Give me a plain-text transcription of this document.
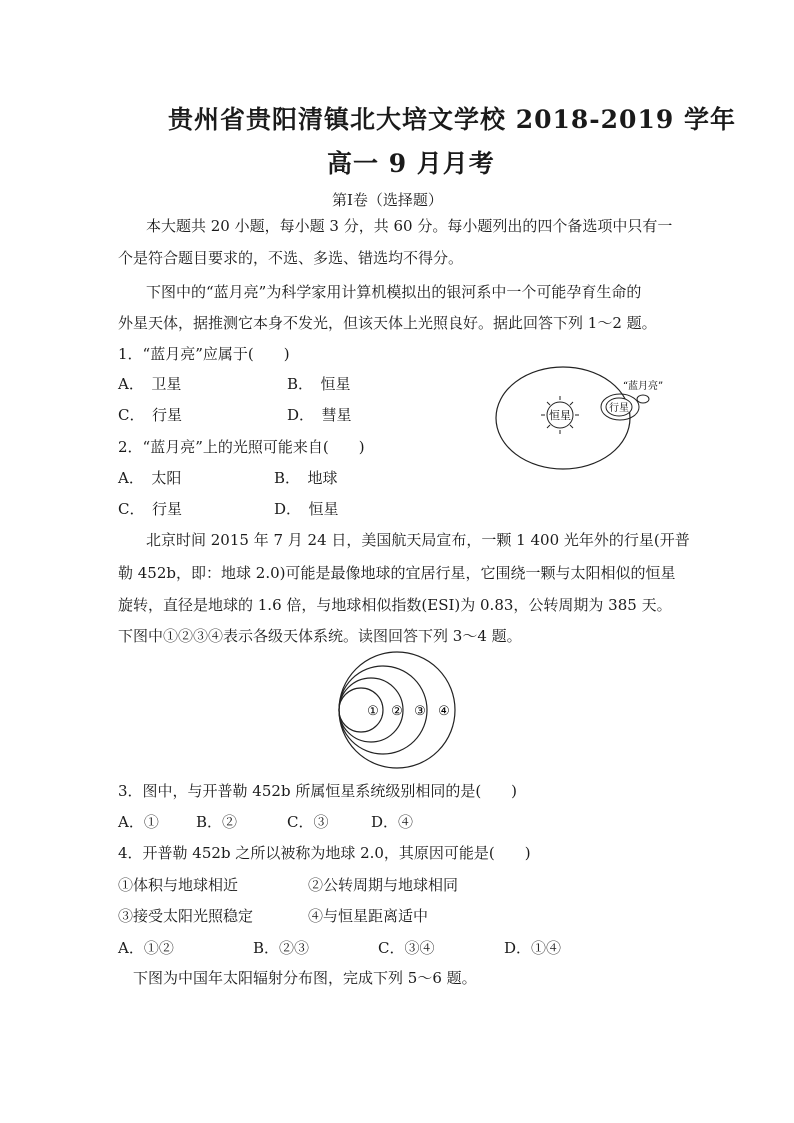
贵州省贵阳清镇北大培文学校 2018-2019 学年
高一 9 月月考
第Ⅰ卷（选择题）
本大题共 20 小题，每小题 3 分，共 60 分。每小题列出的四个备选项中只有一
个是符合题目要求的，不选、多选、错选均不得分。
下图中的“蓝月亮”为科学家用计算机模拟出的银河系中一个可能孕育生命的
外星天体，据推测它本身不发光，但该天体上光照良好。据此回答下列 1～2 题。
1．“蓝月亮”应属于(　　)
A．　卫星	B．　恒星
C．　行星	D．　彗星
2．“蓝月亮”上的光照可能来自(　　)
A．　太阳	B．　地球
C．　行星	D．　恒星
恒星
行星
“蓝月亮”
北京时间 2015 年 7 月 24 日，美国航天局宣布，一颗 1 400 光年外的行星(开普
勒 452b，即：地球 2.0)可能是最像地球的宜居行星，它围绕一颗与太阳相似的恒星
旋转，直径是地球的 1.6 倍，与地球相似指数(ESI)为 0.83，公转周期为 385 天。
下图中①②③④表示各级天体系统。读图回答下列 3～4 题。
① ② ③ ④
3．图中，与开普勒 452b 所属恒星系统级别相同的是(　　)
A．① B．②	C．③	D．④
4．开普勒 452b 之所以被称为地球 2.0，其原因可能是(　　)
①体积与地球相近	②公转周期与地球相同
③接受太阳光照稳定	④与恒星距离适中
A．①②	B．②③	C．③④	D．①④
下图为中国年太阳辐射分布图，完成下列 5～6 题。
